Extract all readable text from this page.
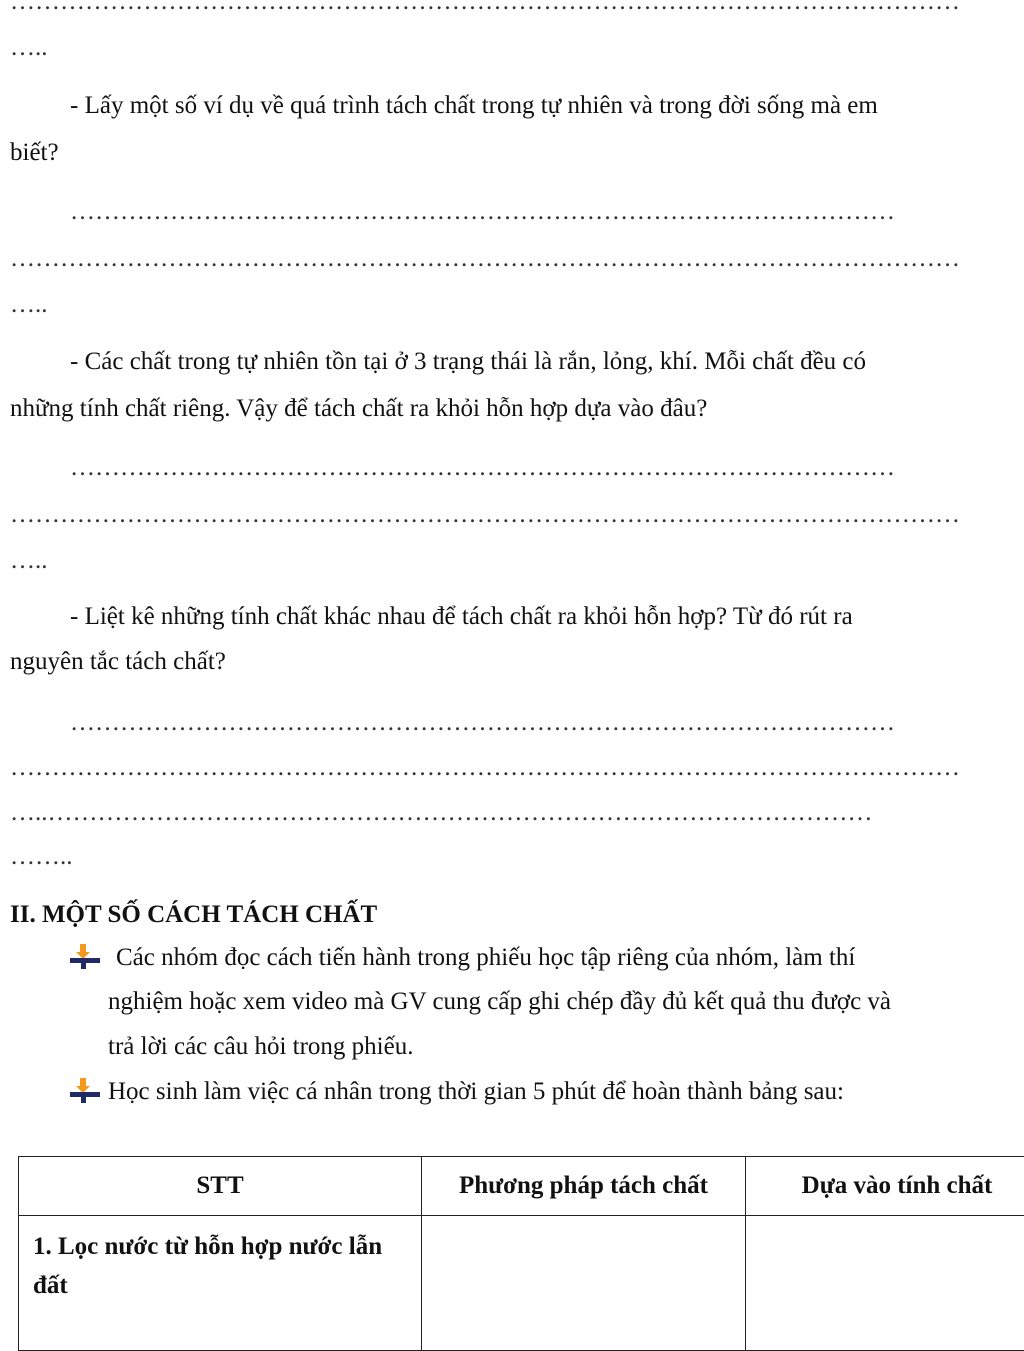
……………………………………………………………………………………………………
…..
- Lấy một số ví dụ về quá trình tách chất trong tự nhiên và trong đời sống mà em
biết?
………………………………………………………………………………………
……………………………………………………………………………………………………
…..
- Các chất trong tự nhiên tồn tại ở 3 trạng thái là rắn, lỏng, khí. Mỗi chất đều có
những tính chất riêng. Vậy để tách chất ra khỏi hỗn hợp dựa vào đâu?
………………………………………………………………………………………
……………………………………………………………………………………………………
…..
- Liệt kê những tính chất khác nhau để tách chất ra khỏi hỗn hợp? Từ đó rút ra
nguyên tắc tách chất?
………………………………………………………………………………………
……………………………………………………………………………………………………
…..………………………………………………………………………………………
……..
II. MỘT SỐ CÁCH TÁCH CHẤT
Các nhóm đọc cách tiến hành trong phiếu học tập riêng của nhóm, làm thí
nghiệm hoặc xem video mà GV cung cấp ghi chép đầy đủ kết quả thu được và
trả lời các câu hỏi trong phiếu.
Học sinh làm việc cá nhân trong thời gian 5 phút để hoàn thành bảng sau:
STT	Phương pháp tách chất	Dựa vào tính chất
1. Lọc nước từ hỗn hợp nước lẫn đất		
